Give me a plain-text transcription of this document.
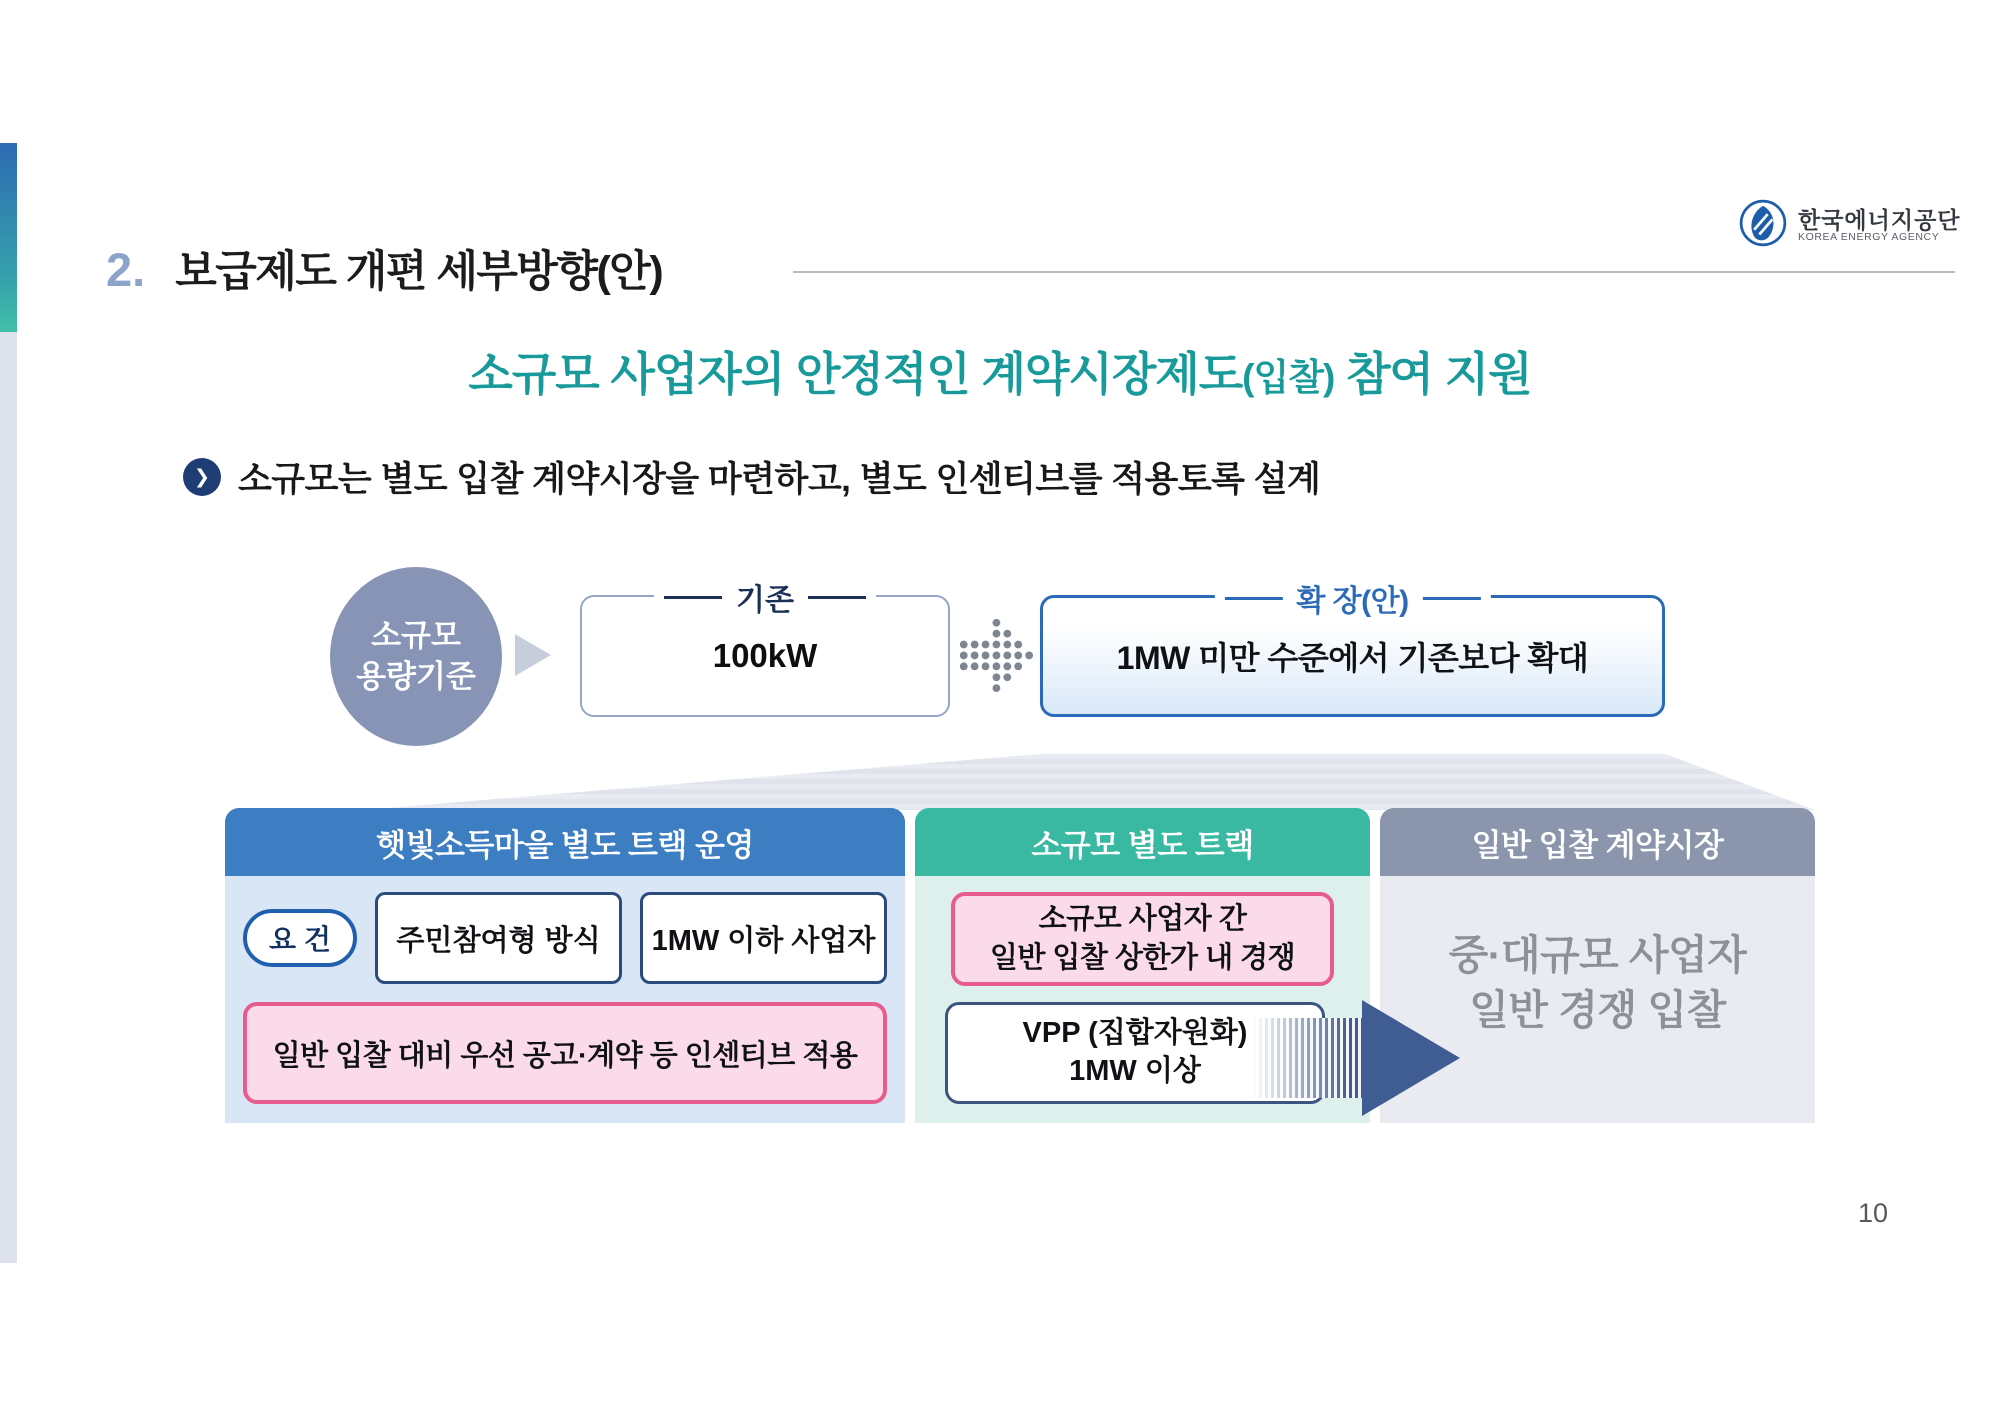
2. 보급제도 개편 세부방향(안)
한국에너지공단
KOREA ENERGY AGENCY
소규모 사업자의 안정적인 계약시장제도(입찰) 참여 지원
❯ 소규모는 별도 입찰 계약시장을 마련하고, 별도 인센티브를 적용토록 설계
소규모
용량기준
기존
100kW
확 장(안)
1MW 미만 수준에서 기존보다 확대
햇빛소득마을 별도 트랙 운영
요 건	주민참여형 방식	1MW 이하 사업자
일반 입찰 대비 우선 공고·계약 등 인센티브 적용
소규모 별도 트랙
소규모 사업자 간
일반 입찰 상한가 내 경쟁
VPP (집합자원화)
1MW 이상
일반 입찰 계약시장
중·대규모 사업자
일반 경쟁 입찰
10
